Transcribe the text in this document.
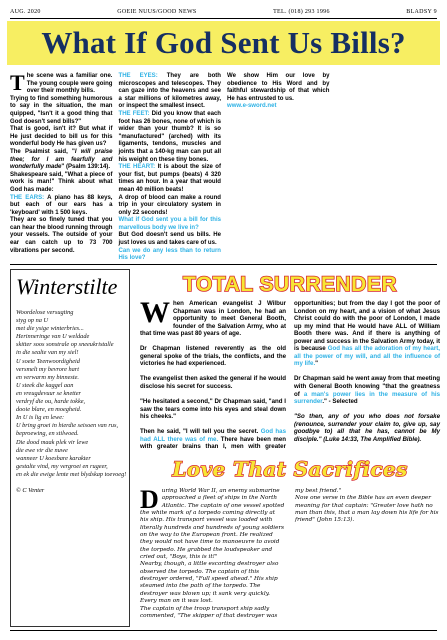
AUG. 2020	GOEIE NUUS/GOOD NEWS	TEL. (018) 293 1996	BLADSY 9
What If God Sent Us Bills?

The scene was a familiar one. The young couple were going over their monthly bills.

Trying to find something humorous to say in the situation, the man quipped, "Isn't it a good thing that God doesn't send bills?"

That is good, isn't it? But what if He just decided to bill us for this wonderful body He has given us?

The Psalmist said, "I will praise thee; for I am fearfully and wonderfully made" (Psalm 139:14).

Shakespeare said, "What a piece of work is man!" Think about what God has made:

THE EARS: A piano has 88 keys, but each of our ears has a 'keyboard' with 1 500 keys.

They are so finely tuned that you can hear the blood running through your vessels. The outside of your ear can catch up to 73 700 vibrations per second.

THE EYES: They are both microscopes and telescopes. They can gaze into the heavens and see a star millions of kilometres away, or inspect the smallest insect.

THE FEET: Did you know that each foot has 26 bones, none of which is wider than your thumb? It is so "manufactured" (arched) with its ligaments, tendons, muscles and joints that a 140-kg man can put all his weight on these tiny bones.

THE HEART: It is about the size of your fist, but pumps (beats) 4 320 times an hour. In a year that would mean 40 million beats!

A drop of blood can make a round trip in your circulatory system in only 22 seconds!

What if God sent you a bill for this marvellous body we live in?

But God doesn't send us bills. He just loves us and takes care of us.

Can we do any less than to return His love?

We show Him our love by obedience to His Word and by faithful stewardship of that which He has entrusted to us.

www.e-sword.net

Winterstilte
Woordelose versugting
styg op na U
met die ysige winterbries...
Herinneringe van U weldade
skitter soos sonstrale op sneeukristalle
in die sealte van my siel!
U soete Teenwoordigheid
versmelt my bevrore hart
en verwarm my binneste.
U steek die kaggel aan
en vreugdevuur se knetter
verdryf die ou, harde tokke,
dooie blare, en moegheid.
In U is lig en lewe:
U bring groei in hierdie seisoen van rus,
beproewing, en stilwoed.
Die dood maak plek vir lewe
die ewe vir die nuwe
wanneer U koesbare karakter
gestalte vind, my vergroei en rugeer,
en ek die ewige lente met blydskap toevoeg!
© C Venter
TOTAL SURRENDER

When American evangelist J Wilbur Chapman was in London, he had an opportunity to meet General Booth, founder of the Salvation Army, who at that time was past 80 years of age.

Dr Chapman listened reverently as the old general spoke of the trials, the conflicts, and the victories he had experienced.

The evangelist then asked the general if he would disclose his secret for success.

"He hesitated a second," Dr Chapman said, "and I saw the tears come into his eyes and steal down his cheeks."

Then he said, "I will tell you the secret. God has had ALL there was of me. There have been men with greater brains than I, men with greater opportunities; but from the day I got the poor of London on my heart, and a vision of what Jesus Christ could do with the poor of London, I made up my mind that He would have ALL of William Booth there was. And if there is anything of power and success in the Salvation Army today, it is because God has all the adoration of my heart, all the power of my will, and all the influence of my life."

Dr Chapman said he went away from that meeting with General Booth knowing "that the greatness of a man's power lies in the measure of his surrender." - Selected

"So then, any of you who does not forsake (renounce, surrender your claim to, give up, say goodbye to) all that he has, cannot be My disciple." (Luke 14:33, The Amplified Bible).

Love That Sacrifices

During World War II, an enemy submarine approached a fleet of ships in the North Atlantic. The captain of one vessel spotted the white mark of a torpedo coming directly at his ship. His transport vessel was loaded with literally hundreds and hundreds of young soldiers on the way to the European front. He realized they would not have time to manoeuvre to avoid the torpedo. He grabbed the loudspeaker and cried out, "Boys, this is it!"

Nearby, though, a little escorting destroyer also observed the torpedo. The captain of this destroyer ordered, "Full speed ahead." His ship steamed into the path of the torpedo. The destroyer was blown up; it sank very quickly. Every man on it was lost.

The captain of the troop transport ship sadly commented, "The skipper of that destroyer was my best friend."

Now one verse in the Bible has an even deeper meaning for that captain: "Greater love hath no man than this, that a man lay down his life for his friend" (John 15:13).
